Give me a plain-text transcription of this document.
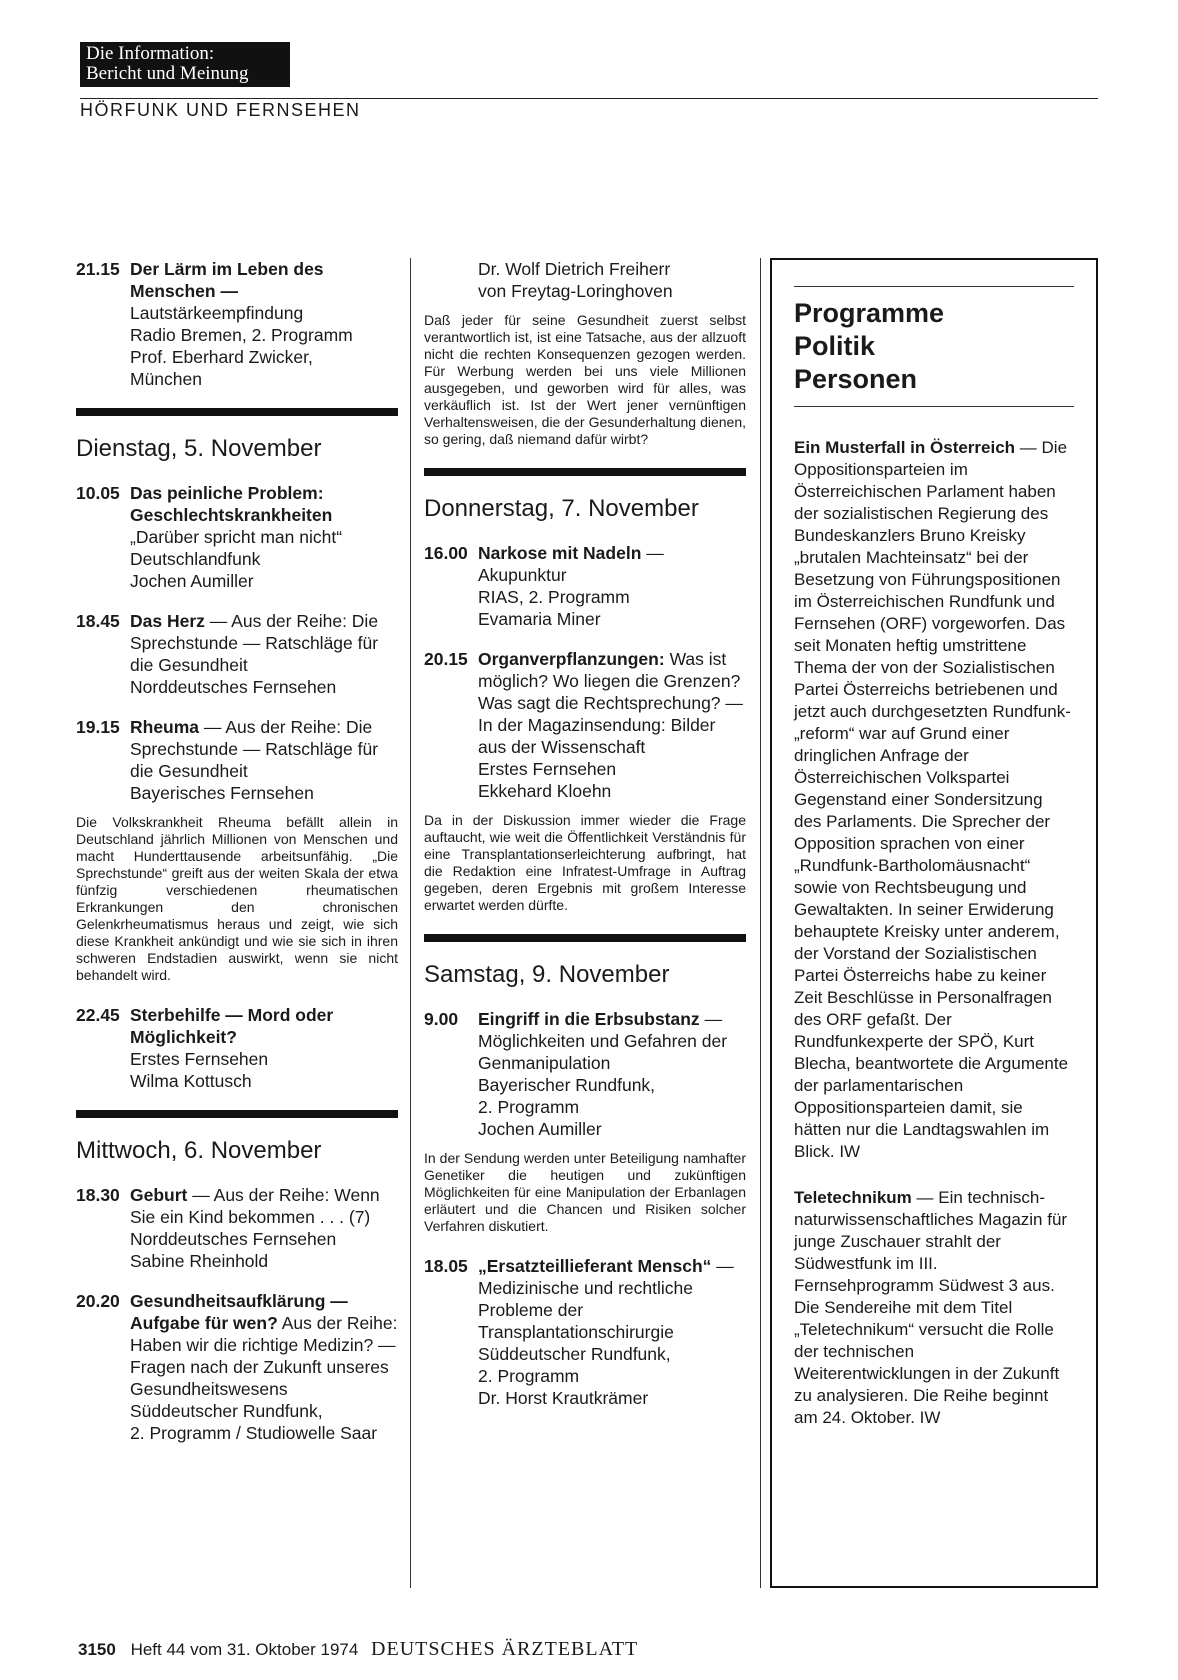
Die Information:
Bericht und Meinung
HÖRFUNK UND FERNSEHEN
21.15 Der Lärm im Leben des Menschen —
Lautstärkeempfindung
Radio Bremen, 2. Programm
Prof. Eberhard Zwicker,
München
Dienstag, 5. November
10.05 Das peinliche Problem: Geschlechtskrankheiten „Darüber spricht man nicht“
Deutschlandfunk
Jochen Aumiller
18.45 Das Herz — Aus der Reihe: Die Sprechstunde — Ratschläge für die Gesundheit
Norddeutsches Fernsehen
19.15 Rheuma — Aus der Reihe: Die Sprechstunde — Ratschläge für die Gesundheit
Bayerisches Fernsehen
Die Volkskrankheit Rheuma befällt allein in Deutschland jährlich Millionen von Menschen und macht Hunderttausende arbeitsunfähig. „Die Sprechstunde“ greift aus der weiten Skala der etwa fünfzig verschiedenen rheumatischen Erkrankungen den chronischen Gelenkrheumatismus heraus und zeigt, wie sich diese Krankheit ankündigt und wie sie sich in ihren schweren Endstadien auswirkt, wenn sie nicht behandelt wird.
22.45 Sterbehilfe — Mord oder Möglichkeit?
Erstes Fernsehen
Wilma Kottusch
Mittwoch, 6. November
18.30 Geburt — Aus der Reihe: Wenn Sie ein Kind bekommen . . . (7)
Norddeutsches Fernsehen
Sabine Rheinhold
20.20 Gesundheitsaufklärung — Aufgabe für wen? Aus der Reihe: Haben wir die richtige Medizin? — Fragen nach der Zukunft unseres Gesundheitswesens
Süddeutscher Rundfunk,
2. Programm / Studiowelle Saar
Dr. Wolf Dietrich Freiherr
von Freytag-Loringhoven
Daß jeder für seine Gesundheit zuerst selbst verantwortlich ist, ist eine Tatsache, aus der allzuoft nicht die rechten Konsequenzen gezogen werden. Für Werbung werden bei uns viele Millionen ausgegeben, und geworben wird für alles, was verkäuflich ist. Ist der Wert jener vernünftigen Verhaltensweisen, die der Gesunderhaltung dienen, so gering, daß niemand dafür wirbt?
Donnerstag, 7. November
16.00 Narkose mit Nadeln — Akupunktur
RIAS, 2. Programm
Evamaria Miner
20.15 Organverpflanzungen: Was ist möglich? Wo liegen die Grenzen? Was sagt die Rechtsprechung? — In der Magazinsendung: Bilder aus der Wissenschaft
Erstes Fernsehen
Ekkehard Kloehn
Da in der Diskussion immer wieder die Frage auftaucht, wie weit die Öffentlichkeit Verständnis für eine Transplantationserleichterung aufbringt, hat die Redaktion eine Infratest-Umfrage in Auftrag gegeben, deren Ergebnis mit großem Interesse erwartet werden dürfte.
Samstag, 9. November
9.00 Eingriff in die Erbsubstanz — Möglichkeiten und Gefahren der Genmanipulation
Bayerischer Rundfunk,
2. Programm
Jochen Aumiller
In der Sendung werden unter Beteiligung namhafter Genetiker die heutigen und zukünftigen Möglichkeiten für eine Manipulation der Erbanlagen erläutert und die Chancen und Risiken solcher Verfahren diskutiert.
18.05 „Ersatzteillieferant Mensch“ — Medizinische und rechtliche Probleme der Transplantationschirurgie
Süddeutscher Rundfunk,
2. Programm
Dr. Horst Krautkrämer
Programme
Politik
Personen

Ein Musterfall in Österreich — Die Oppositionsparteien im Österreichischen Parlament haben der sozialistischen Regierung des Bundeskanzlers Bruno Kreisky „brutalen Machteinsatz“ bei der Besetzung von Führungspositionen im Österreichischen Rundfunk und Fernsehen (ORF) vorgeworfen. Das seit Monaten heftig umstrittene Thema der von der Sozialistischen Partei Österreichs betriebenen und jetzt auch durchgesetzten Rundfunk-„reform“ war auf Grund einer dringlichen Anfrage der Österreichischen Volkspartei Gegenstand einer Sondersitzung des Parlaments. Die Sprecher der Opposition sprachen von einer „Rundfunk-Bartholomäusnacht“ sowie von Rechtsbeugung und Gewaltakten. In seiner Erwiderung behauptete Kreisky unter anderem, der Vorstand der Sozialistischen Partei Österreichs habe zu keiner Zeit Beschlüsse in Personalfragen des ORF gefaßt. Der Rundfunkexperte der SPÖ, Kurt Blecha, beantwortete die Argumente der parlamentarischen Oppositionsparteien damit, sie hätten nur die Landtagswahlen im Blick. IW

Teletechnikum — Ein technisch-naturwissenschaftliches Magazin für junge Zuschauer strahlt der Südwestfunk im III. Fernsehprogramm Südwest 3 aus. Die Sendereihe mit dem Titel „Teletechnikum“ versucht die Rolle der technischen Weiterentwicklungen in der Zukunft zu analysieren. Die Reihe beginnt am 24. Oktober. IW

3150 Heft 44 vom 31. Oktober 1974 DEUTSCHES ÄRZTEBLATT
